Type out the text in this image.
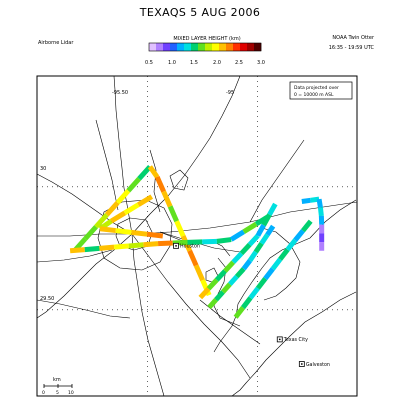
TEXAQS 5 AUG 2006
Airborne Lidar
NOAA Twin Otter
16:35 - 19:59 UTC
MIXED LAYER HEIGHT (km)
0.5	1.0	1.5	2.0	2.5	3.0
Houston
Texas City
Galveston
Data projected over
0 = 10000 m ASL
-95.50	-95
30
29.50
km
0 5 10
